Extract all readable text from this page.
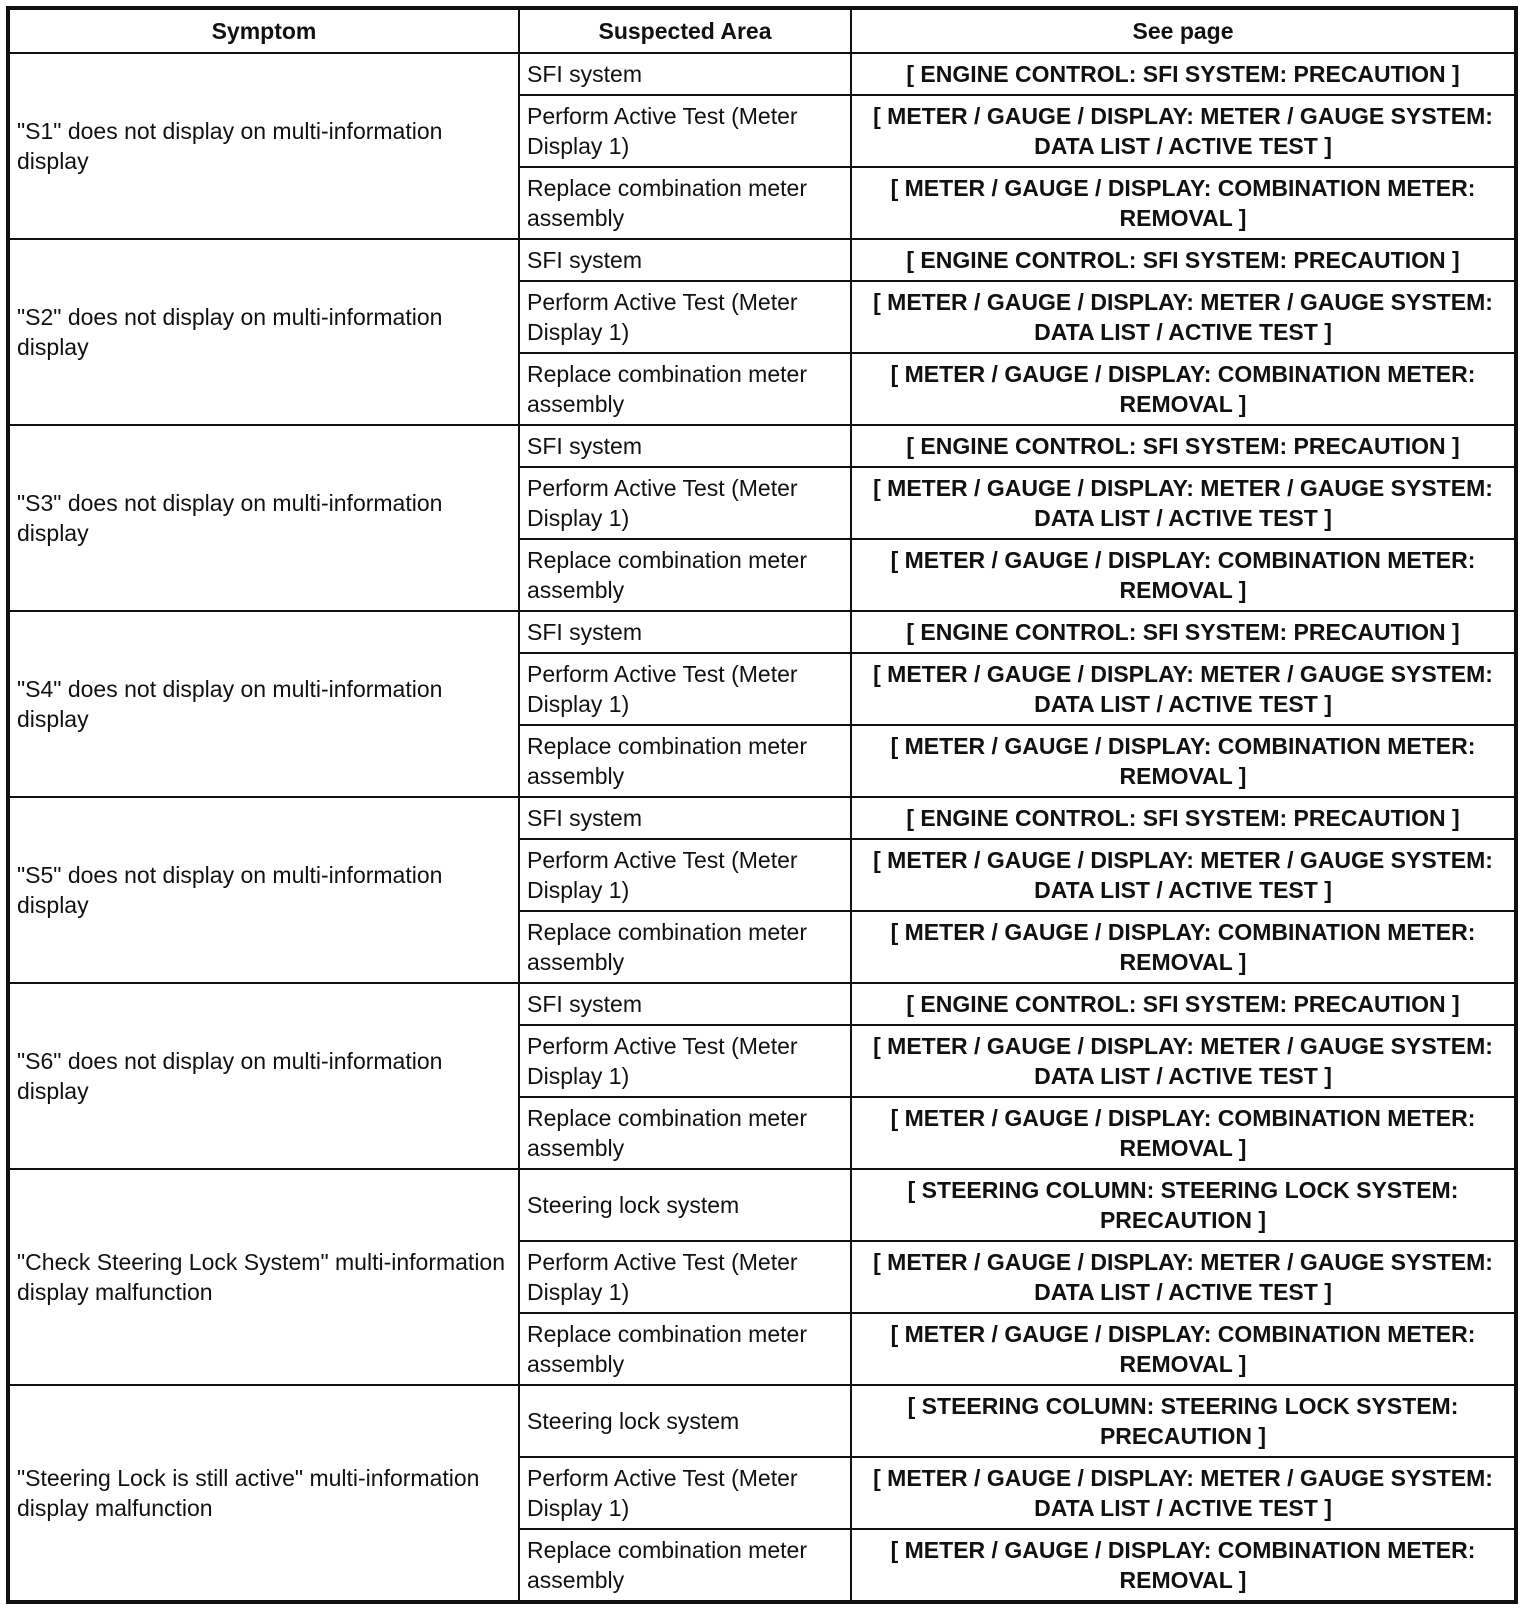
Symptom	Suspected Area	See page
"S1" does not display on multi-information display	SFI system	[ ENGINE CONTROL: SFI SYSTEM: PRECAUTION ]
	Perform Active Test (Meter Display 1)	[ METER / GAUGE / DISPLAY: METER / GAUGE SYSTEM: DATA LIST / ACTIVE TEST ]
	Replace combination meter assembly	[ METER / GAUGE / DISPLAY: COMBINATION METER: REMOVAL ]
"S2" does not display on multi-information display	SFI system	[ ENGINE CONTROL: SFI SYSTEM: PRECAUTION ]
	Perform Active Test (Meter Display 1)	[ METER / GAUGE / DISPLAY: METER / GAUGE SYSTEM: DATA LIST / ACTIVE TEST ]
	Replace combination meter assembly	[ METER / GAUGE / DISPLAY: COMBINATION METER: REMOVAL ]
"S3" does not display on multi-information display	SFI system	[ ENGINE CONTROL: SFI SYSTEM: PRECAUTION ]
	Perform Active Test (Meter Display 1)	[ METER / GAUGE / DISPLAY: METER / GAUGE SYSTEM: DATA LIST / ACTIVE TEST ]
	Replace combination meter assembly	[ METER / GAUGE / DISPLAY: COMBINATION METER: REMOVAL ]
"S4" does not display on multi-information display	SFI system	[ ENGINE CONTROL: SFI SYSTEM: PRECAUTION ]
	Perform Active Test (Meter Display 1)	[ METER / GAUGE / DISPLAY: METER / GAUGE SYSTEM: DATA LIST / ACTIVE TEST ]
	Replace combination meter assembly	[ METER / GAUGE / DISPLAY: COMBINATION METER: REMOVAL ]
"S5" does not display on multi-information display	SFI system	[ ENGINE CONTROL: SFI SYSTEM: PRECAUTION ]
	Perform Active Test (Meter Display 1)	[ METER / GAUGE / DISPLAY: METER / GAUGE SYSTEM: DATA LIST / ACTIVE TEST ]
	Replace combination meter assembly	[ METER / GAUGE / DISPLAY: COMBINATION METER: REMOVAL ]
"S6" does not display on multi-information display	SFI system	[ ENGINE CONTROL: SFI SYSTEM: PRECAUTION ]
	Perform Active Test (Meter Display 1)	[ METER / GAUGE / DISPLAY: METER / GAUGE SYSTEM: DATA LIST / ACTIVE TEST ]
	Replace combination meter assembly	[ METER / GAUGE / DISPLAY: COMBINATION METER: REMOVAL ]
"Check Steering Lock System" multi-information display malfunction	Steering lock system	[ STEERING COLUMN: STEERING LOCK SYSTEM: PRECAUTION ]
	Perform Active Test (Meter Display 1)	[ METER / GAUGE / DISPLAY: METER / GAUGE SYSTEM: DATA LIST / ACTIVE TEST ]
	Replace combination meter assembly	[ METER / GAUGE / DISPLAY: COMBINATION METER: REMOVAL ]
"Steering Lock is still active" multi-information display malfunction	Steering lock system	[ STEERING COLUMN: STEERING LOCK SYSTEM: PRECAUTION ]
	Perform Active Test (Meter Display 1)	[ METER / GAUGE / DISPLAY: METER / GAUGE SYSTEM: DATA LIST / ACTIVE TEST ]
	Replace combination meter assembly	[ METER / GAUGE / DISPLAY: COMBINATION METER: REMOVAL ]
